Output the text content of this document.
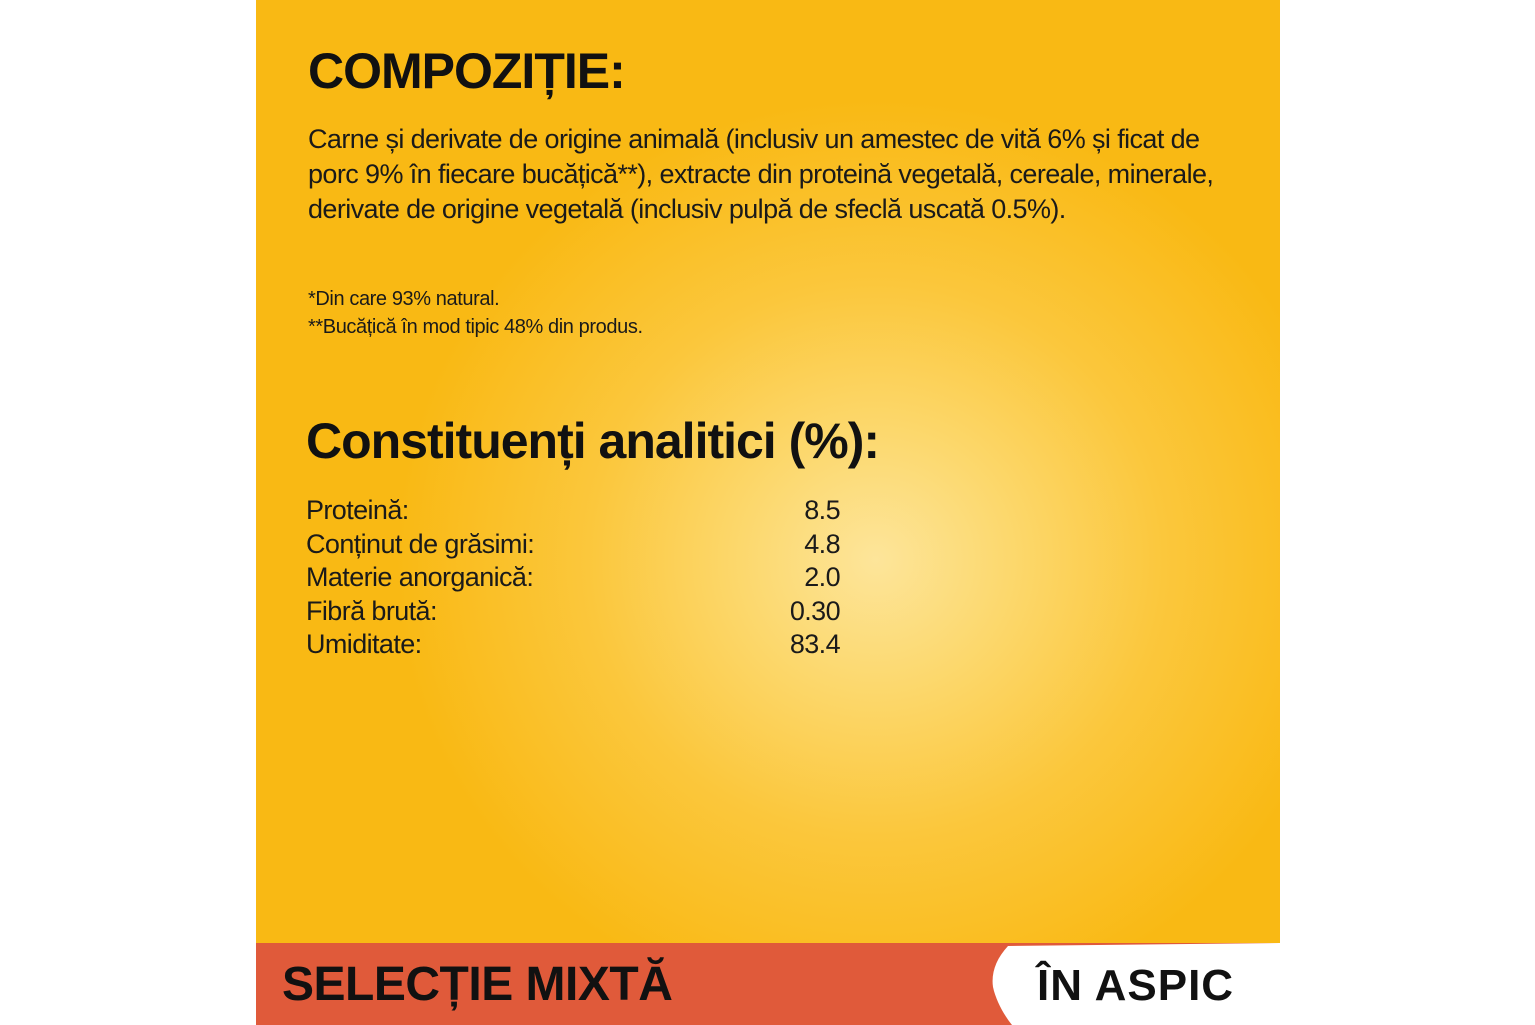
COMPOZIȚIE:

Carne și derivate de origine animală (inclusiv un amestec de vită 6% și ficat de porc 9% în fiecare bucățică**), extracte din proteină vegetală, cereale, minerale, derivate de origine vegetală (inclusiv pulpă de sfeclă uscată 0.5%).

*Din care 93% natural.
**Bucățică în mod tipic 48% din produs.
Constituenți analitici (%):
Proteină:	8.5
Conținut de grăsimi:	4.8
Materie anorganică:	2.0
Fibră brută:	0.30
Umiditate:	83.4
SELECȚIE MIXTĂ	ÎN ASPIC
